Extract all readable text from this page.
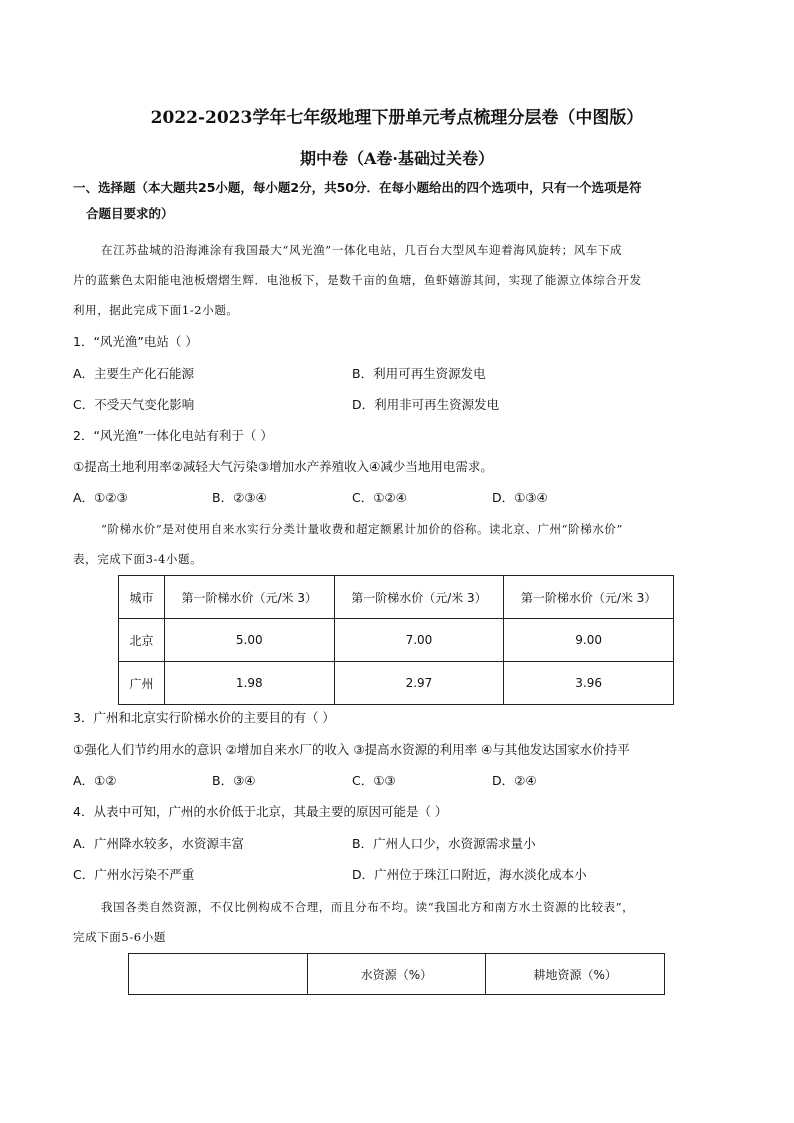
2022-2023学年七年级地理下册单元考点梳理分层卷（中图版）
期中卷（A卷·基础过关卷）
一、选择题（本大题共25小题，每小题2分，共50分．在每小题给出的四个选项中，只有一个选项是符
合题目要求的）
在江苏盐城的沿海滩涂有我国最大“风光渔”一体化电站，几百台大型风车迎着海风旋转；风车下成
片的蓝紫色太阳能电池板熠熠生辉．电池板下，是数千亩的鱼塘，鱼虾嬉游其间，实现了能源立体综合开发
利用，据此完成下面1-2小题。
1．“风光渔”电站（ ）
A．主要生产化石能源	B．利用可再生资源发电
C．不受天气变化影响	D．利用非可再生资源发电
2．“风光渔”一体化电站有利于（ ）
①提高土地利用率②减轻大气污染③增加水产养殖收入④减少当地用电需求。
A．①②③	B．②③④	C．①②④	D．①③④
“阶梯水价”是对使用自来水实行分类计量收费和超定额累计加价的俗称。读北京、广州“阶梯水价”
表，完成下面3-4小题。
城市	第一阶梯水价（元/米 3）	第一阶梯水价（元/米 3）	第一阶梯水价（元/米 3）
北京	5.00	7.00	9.00
广州	1.98	2.97	3.96
3．广州和北京实行阶梯水价的主要目的有（ ）
①强化人们节约用水的意识 ②增加自来水厂的收入 ③提高水资源的利用率 ④与其他发达国家水价持平
A．①②	B．③④	C．①③	D．②④
4．从表中可知，广州的水价低于北京，其最主要的原因可能是（ ）
A．广州降水较多，水资源丰富	B．广州人口少，水资源需求量小
C．广州水污染不严重	D．广州位于珠江口附近，海水淡化成本小
我国各类自然资源，不仅比例构成不合理，而且分布不均。读“我国北方和南方水土资源的比较表”，
完成下面5-6小题
	水资源（%）	耕地资源（%）
